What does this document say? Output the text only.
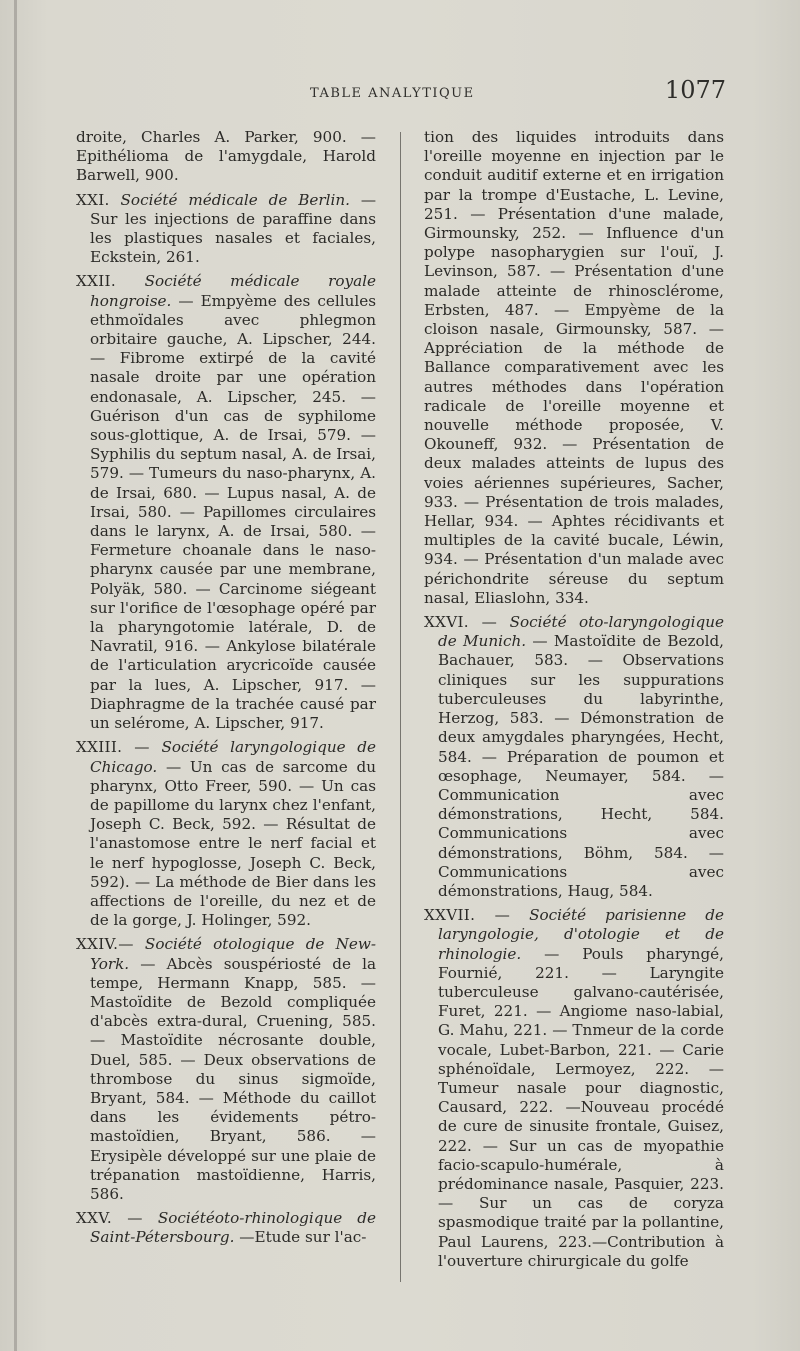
TABLE ANALYTIQUE	1077

droite, Charles A. Parker, 900. — Epithélioma de l'amygdale, Harold Barwell, 900.

XXI. Société médicale de Berlin. — Sur les injections de paraffine dans les plastiques nasales et faciales, Eckstein, 261.

XXII. Société médicale royale hongroise. — Empyème des cellules ethmoïdales avec phlegmon orbitaire gauche, A. Lipscher, 244. — Fibrome extirpé de la cavité nasale droite par une opération endonasale, A. Lipscher, 245. — Guérison d'un cas de syphilome sous-glottique, A. de Irsai, 579. — Syphilis du septum nasal, A. de Irsai, 579. — Tumeurs du naso-pharynx, A. de Irsai, 680. — Lupus nasal, A. de Irsai, 580. — Papillomes circulaires dans le larynx, A. de Irsai, 580. — Fermeture choanale dans le naso-pharynx causée par une membrane, Polyäk, 580. — Carcinome siégeant sur l'orifice de l'œsophage opéré par la pharyngotomie latérale, D. de Navratil, 916. — Ankylose bilatérale de l'articulation arycricoïde causée par la lues, A. Lipscher, 917. — Diaphragme de la trachée causé par un selérome, A. Lipscher, 917.

XXIII. — Société laryngologique de Chicago. — Un cas de sarcome du pharynx, Otto Freer, 590. — Un cas de papillome du larynx chez l'enfant, Joseph C. Beck, 592. — Résultat de l'anastomose entre le nerf facial et le nerf hypoglosse, Joseph C. Beck, 592). — La méthode de Bier dans les affections de l'oreille, du nez et de de la gorge, J. Holinger, 592.

XXIV.— Société otologique de New-York. — Abcès souspériosté de la tempe, Hermann Knapp, 585. — Mastoïdite de Bezold compliquée d'abcès extra-dural, Cruening, 585. — Mastoïdite nécrosante double, Duel, 585. — Deux observations de thrombose du sinus sigmoïde, Bryant, 584. — Méthode du caillot dans les évidements pétro-mastoïdien, Bryant, 586. — Erysipèle développé sur une plaie de trépanation mastoïdienne, Harris, 586.

XXV. — Sociétéoto-rhinologique de Saint-Pétersbourg. —Etude sur l'ac-

tion des liquides introduits dans l'oreille moyenne en injection par le conduit auditif externe et en irrigation par la trompe d'Eustache, L. Levine, 251. — Présentation d'une malade, Girmounsky, 252. — Influence d'un polype nasopharygien sur l'ouï, J. Levinson, 587. — Présentation d'une malade atteinte de rhinosclérome, Erbsten, 487. — Empyème de la cloison nasale, Girmounsky, 587. — Appréciation de la méthode de Ballance comparativement avec les autres méthodes dans l'opération radicale de l'oreille moyenne et nouvelle méthode proposée, V. Okouneff, 932. — Présentation de deux malades atteints de lupus des voies aériennes supérieures, Sacher, 933. — Présentation de trois malades, Hellar, 934. — Aphtes récidivants et multiples de la cavité bucale, Léwin, 934. — Présentation d'un malade avec périchondrite séreuse du septum nasal, Eliaslohn, 334.

XXVI. — Société oto-laryngologique de Munich. — Mastoïdite de Bezold, Bachauer, 583. — Observations cliniques sur les suppurations tuberculeuses du labyrinthe, Herzog, 583. — Démonstration de deux amygdales pharyngées, Hecht, 584. — Préparation de poumon et œsophage, Neumayer, 584. — Communication avec démonstrations, Hecht, 584. Communications avec démonstrations, Böhm, 584. — Communications avec démonstrations, Haug, 584.

XXVII. — Société parisienne de laryngologie, d'otologie et de rhinologie. — Pouls pharyngé, Fournié, 221. — Laryngite tuberculeuse galvano-cautérisée, Furet, 221. — Angiome naso-labial, G. Mahu, 221. — Tnmeur de la corde vocale, Lubet-Barbon, 221. — Carie sphénoïdale, Lermoyez, 222. — Tumeur nasale pour diagnostic, Causard, 222. —Nouveau procédé de cure de sinusite frontale, Guisez, 222. — Sur un cas de myopathie facio-scapulo-humérale, à prédominance nasale, Pasquier, 223. — Sur un cas de coryza spasmodique traité par la pollantine, Paul Laurens, 223.—Contribution à l'ouverture chirurgicale du golfe
